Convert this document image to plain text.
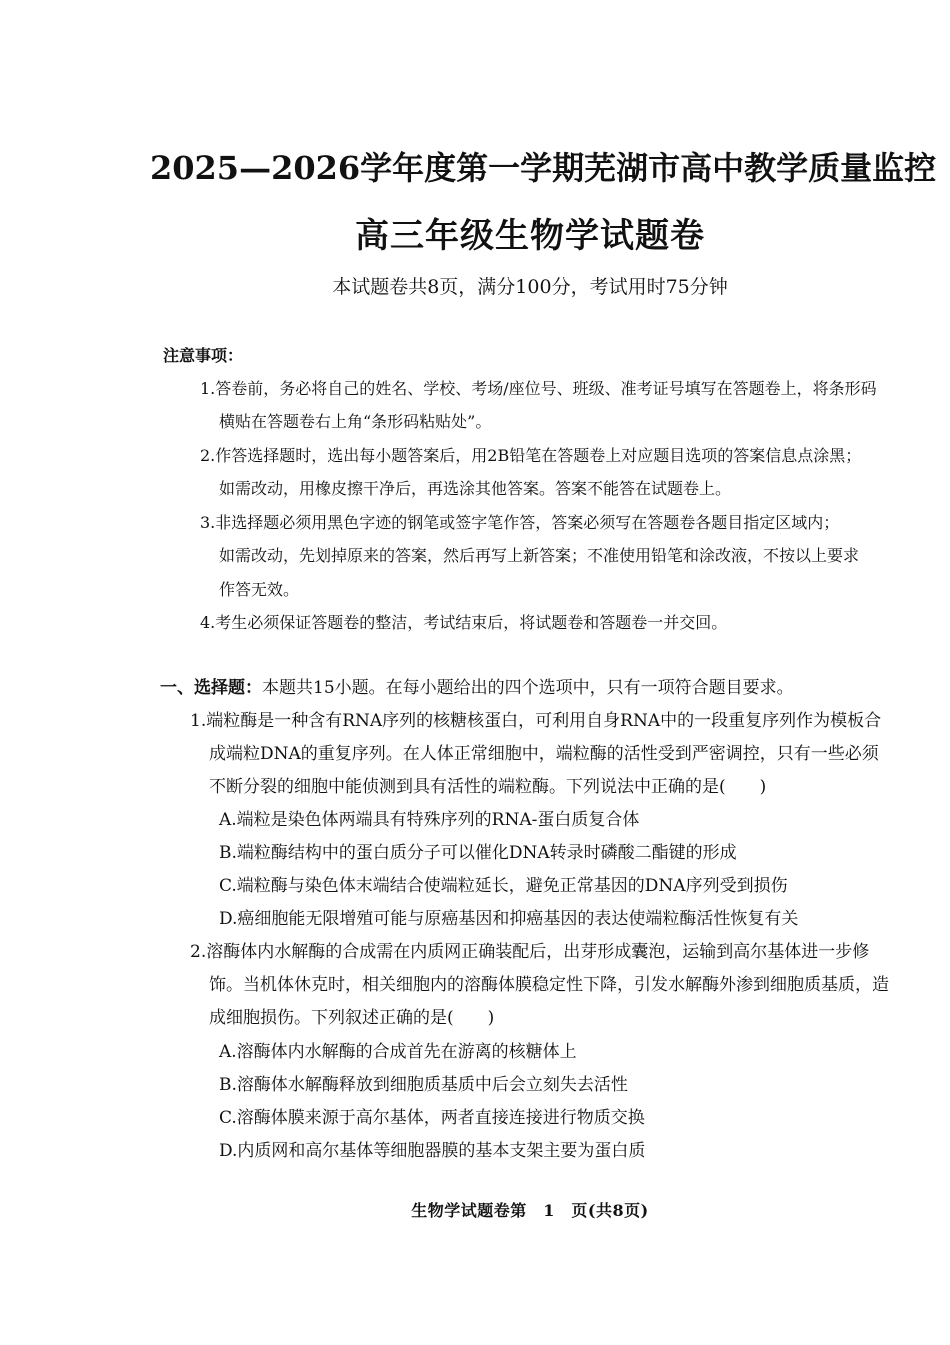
2025—2026学年度第一学期芜湖市高中教学质量监控
高三年级生物学试题卷
本试题卷共8页，满分100分，考试用时75分钟
注意事项：
1.答卷前，务必将自己的姓名、学校、考场/座位号、班级、准考证号填写在答题卷上，将条形码
横贴在答题卷右上角“条形码粘贴处”。
2.作答选择题时，选出每小题答案后，用2B铅笔在答题卷上对应题目选项的答案信息点涂黑；
如需改动，用橡皮擦干净后，再选涂其他答案。答案不能答在试题卷上。
3.非选择题必须用黑色字迹的钢笔或签字笔作答，答案必须写在答题卷各题目指定区域内；
如需改动，先划掉原来的答案，然后再写上新答案；不准使用铅笔和涂改液，不按以上要求
作答无效。
4.考生必须保证答题卷的整洁，考试结束后，将试题卷和答题卷一并交回。
一、选择题：本题共15小题。在每小题给出的四个选项中，只有一项符合题目要求。
1.端粒酶是一种含有RNA序列的核糖核蛋白，可利用自身RNA中的一段重复序列作为模板合
成端粒DNA的重复序列。在人体正常细胞中，端粒酶的活性受到严密调控，只有一些必须
不断分裂的细胞中能侦测到具有活性的端粒酶。下列说法中正确的是(　　)
A.端粒是染色体两端具有特殊序列的RNA-蛋白质复合体
B.端粒酶结构中的蛋白质分子可以催化DNA转录时磷酸二酯键的形成
C.端粒酶与染色体末端结合使端粒延长，避免正常基因的DNA序列受到损伤
D.癌细胞能无限增殖可能与原癌基因和抑癌基因的表达使端粒酶活性恢复有关
2.溶酶体内水解酶的合成需在内质网正确装配后，出芽形成囊泡，运输到高尔基体进一步修
饰。当机体休克时，相关细胞内的溶酶体膜稳定性下降，引发水解酶外渗到细胞质基质，造
成细胞损伤。下列叙述正确的是(　　)
A.溶酶体内水解酶的合成首先在游离的核糖体上
B.溶酶体水解酶释放到细胞质基质中后会立刻失去活性
C.溶酶体膜来源于高尔基体，两者直接连接进行物质交换
D.内质网和高尔基体等细胞器膜的基本支架主要为蛋白质
生物学试题卷第　1　页(共8页)
